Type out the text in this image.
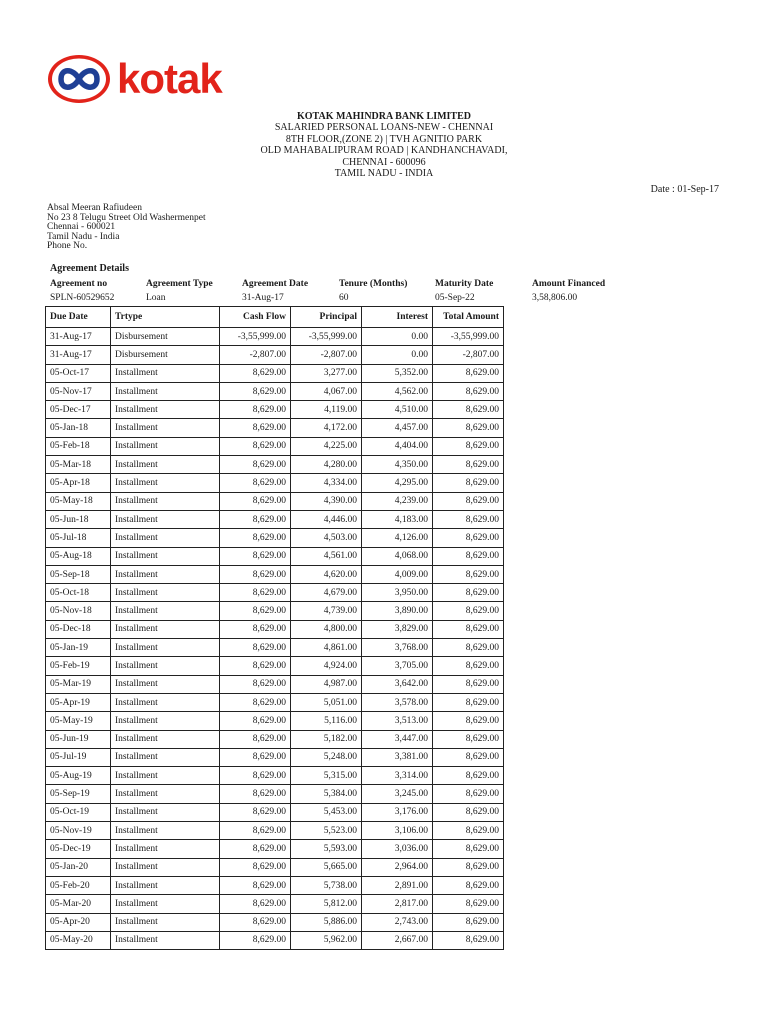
kotak
KOTAK MAHINDRA BANK LIMITED
SALARIED PERSONAL LOANS-NEW - CHENNAI
8TH FLOOR,(ZONE 2) | TVH AGNITIO PARK
OLD MAHABALIPURAM ROAD | KANDHANCHAVADI,
CHENNAI - 600096
TAMIL NADU - INDIA
Date : 01-Sep-17
Absal Meeran Rafiudeen
No 23 8 Telugu Street Old Washermenpet
Chennai - 600021
Tamil Nadu - India
Phone No.
Agreement Details
Agreement no	Agreement Type	Agreement Date	Tenure (Months)	Maturity Date	Amount Financed
SPLN-60529652	Loan	31-Aug-17	60	05-Sep-22	3,58,806.00
Due Date	Trtype	Cash Flow	Principal	Interest	Total Amount
31-Aug-17	Disbursement	-3,55,999.00	-3,55,999.00	0.00	-3,55,999.00
31-Aug-17	Disbursement	-2,807.00	-2,807.00	0.00	-2,807.00
05-Oct-17	Installment	8,629.00	3,277.00	5,352.00	8,629.00
05-Nov-17	Installment	8,629.00	4,067.00	4,562.00	8,629.00
05-Dec-17	Installment	8,629.00	4,119.00	4,510.00	8,629.00
05-Jan-18	Installment	8,629.00	4,172.00	4,457.00	8,629.00
05-Feb-18	Installment	8,629.00	4,225.00	4,404.00	8,629.00
05-Mar-18	Installment	8,629.00	4,280.00	4,350.00	8,629.00
05-Apr-18	Installment	8,629.00	4,334.00	4,295.00	8,629.00
05-May-18	Installment	8,629.00	4,390.00	4,239.00	8,629.00
05-Jun-18	Installment	8,629.00	4,446.00	4,183.00	8,629.00
05-Jul-18	Installment	8,629.00	4,503.00	4,126.00	8,629.00
05-Aug-18	Installment	8,629.00	4,561.00	4,068.00	8,629.00
05-Sep-18	Installment	8,629.00	4,620.00	4,009.00	8,629.00
05-Oct-18	Installment	8,629.00	4,679.00	3,950.00	8,629.00
05-Nov-18	Installment	8,629.00	4,739.00	3,890.00	8,629.00
05-Dec-18	Installment	8,629.00	4,800.00	3,829.00	8,629.00
05-Jan-19	Installment	8,629.00	4,861.00	3,768.00	8,629.00
05-Feb-19	Installment	8,629.00	4,924.00	3,705.00	8,629.00
05-Mar-19	Installment	8,629.00	4,987.00	3,642.00	8,629.00
05-Apr-19	Installment	8,629.00	5,051.00	3,578.00	8,629.00
05-May-19	Installment	8,629.00	5,116.00	3,513.00	8,629.00
05-Jun-19	Installment	8,629.00	5,182.00	3,447.00	8,629.00
05-Jul-19	Installment	8,629.00	5,248.00	3,381.00	8,629.00
05-Aug-19	Installment	8,629.00	5,315.00	3,314.00	8,629.00
05-Sep-19	Installment	8,629.00	5,384.00	3,245.00	8,629.00
05-Oct-19	Installment	8,629.00	5,453.00	3,176.00	8,629.00
05-Nov-19	Installment	8,629.00	5,523.00	3,106.00	8,629.00
05-Dec-19	Installment	8,629.00	5,593.00	3,036.00	8,629.00
05-Jan-20	Installment	8,629.00	5,665.00	2,964.00	8,629.00
05-Feb-20	Installment	8,629.00	5,738.00	2,891.00	8,629.00
05-Mar-20	Installment	8,629.00	5,812.00	2,817.00	8,629.00
05-Apr-20	Installment	8,629.00	5,886.00	2,743.00	8,629.00
05-May-20	Installment	8,629.00	5,962.00	2,667.00	8,629.00
